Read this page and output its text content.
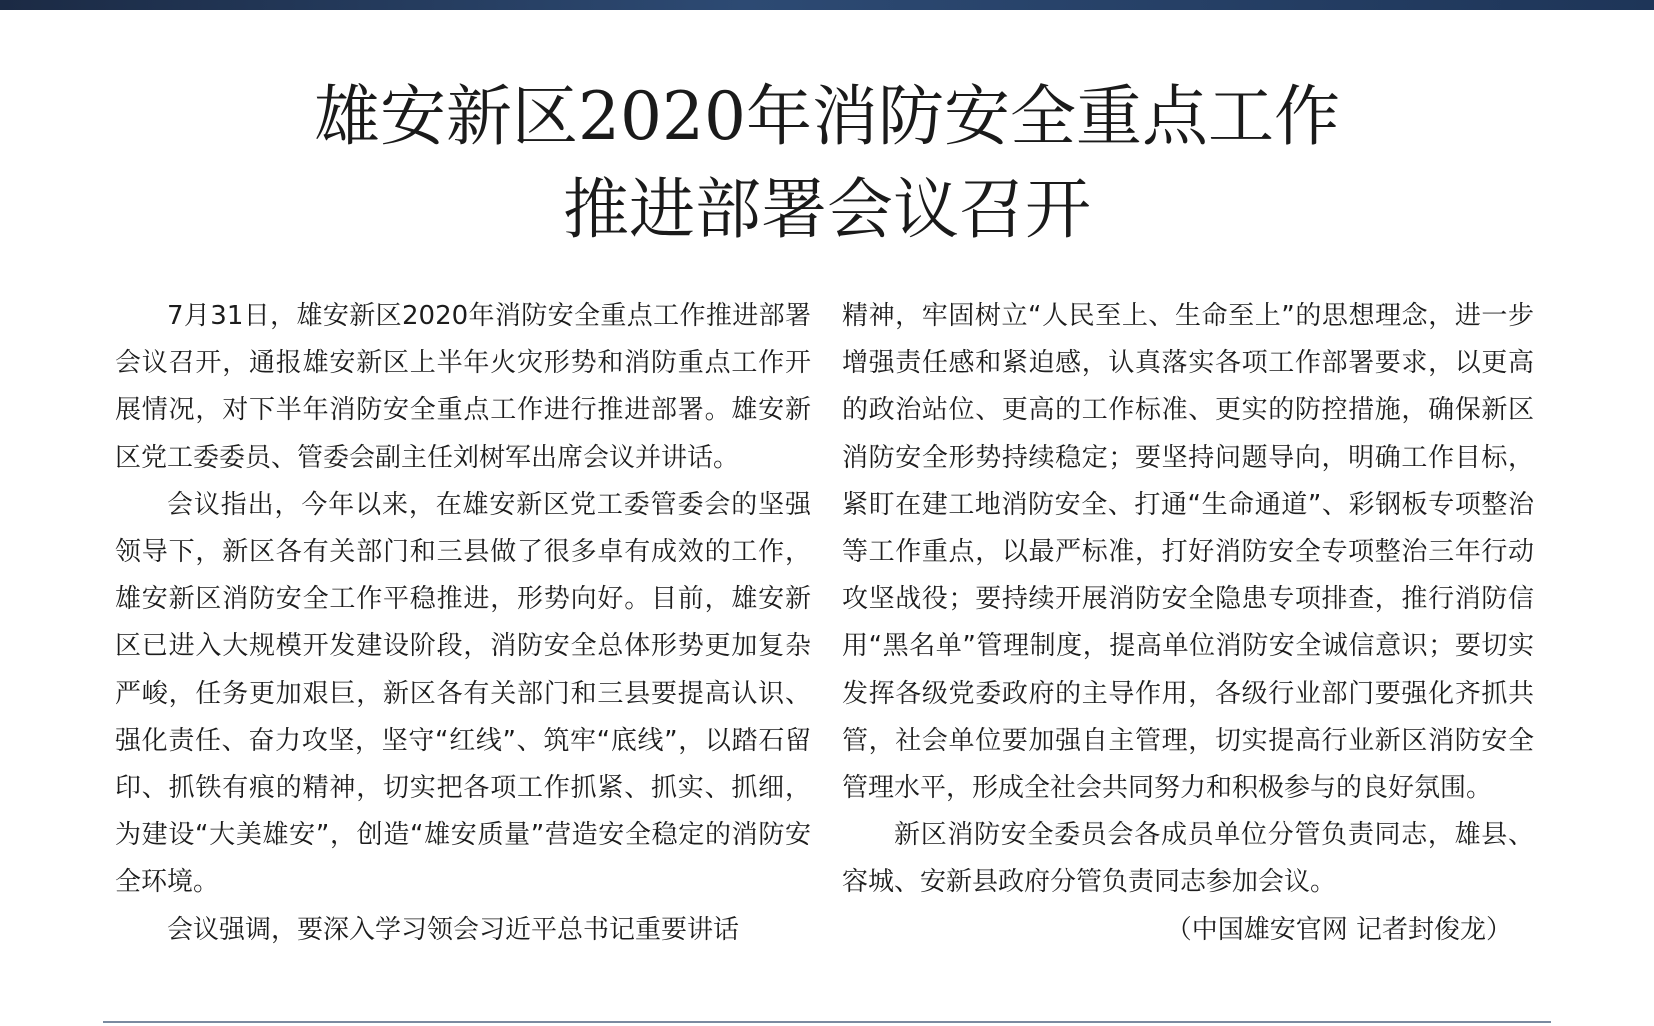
雄安新区2020年消防安全重点工作
推进部署会议召开

7月31日，雄安新区2020年消防安全重点工作推进部署会议召开，通报雄安新区上半年火灾形势和消防重点工作开展情况，对下半年消防安全重点工作进行推进部署。雄安新区党工委委员、管委会副主任刘树军出席会议并讲话。

会议指出，今年以来，在雄安新区党工委管委会的坚强领导下，新区各有关部门和三县做了很多卓有成效的工作，雄安新区消防安全工作平稳推进，形势向好。目前，雄安新区已进入大规模开发建设阶段，消防安全总体形势更加复杂严峻，任务更加艰巨，新区各有关部门和三县要提高认识、强化责任、奋力攻坚，坚守“红线”、筑牢“底线”，以踏石留印、抓铁有痕的精神，切实把各项工作抓紧、抓实、抓细，为建设“大美雄安”，创造“雄安质量”营造安全稳定的消防安全环境。

会议强调，要深入学习领会习近平总书记重要讲话

精神，牢固树立“人民至上、生命至上”的思想理念，进一步增强责任感和紧迫感，认真落实各项工作部署要求，以更高的政治站位、更高的工作标准、更实的防控措施，确保新区消防安全形势持续稳定；要坚持问题导向，明确工作目标，紧盯在建工地消防安全、打通“生命通道”、彩钢板专项整治等工作重点，以最严标准，打好消防安全专项整治三年行动攻坚战役；要持续开展消防安全隐患专项排查，推行消防信用“黑名单”管理制度，提高单位消防安全诚信意识；要切实发挥各级党委政府的主导作用，各级行业部门要强化齐抓共管，社会单位要加强自主管理，切实提高行业新区消防安全管理水平，形成全社会共同努力和积极参与的良好氛围。

新区消防安全委员会各成员单位分管负责同志，雄县、容城、安新县政府分管负责同志参加会议。

（中国雄安官网 记者封俊龙）
